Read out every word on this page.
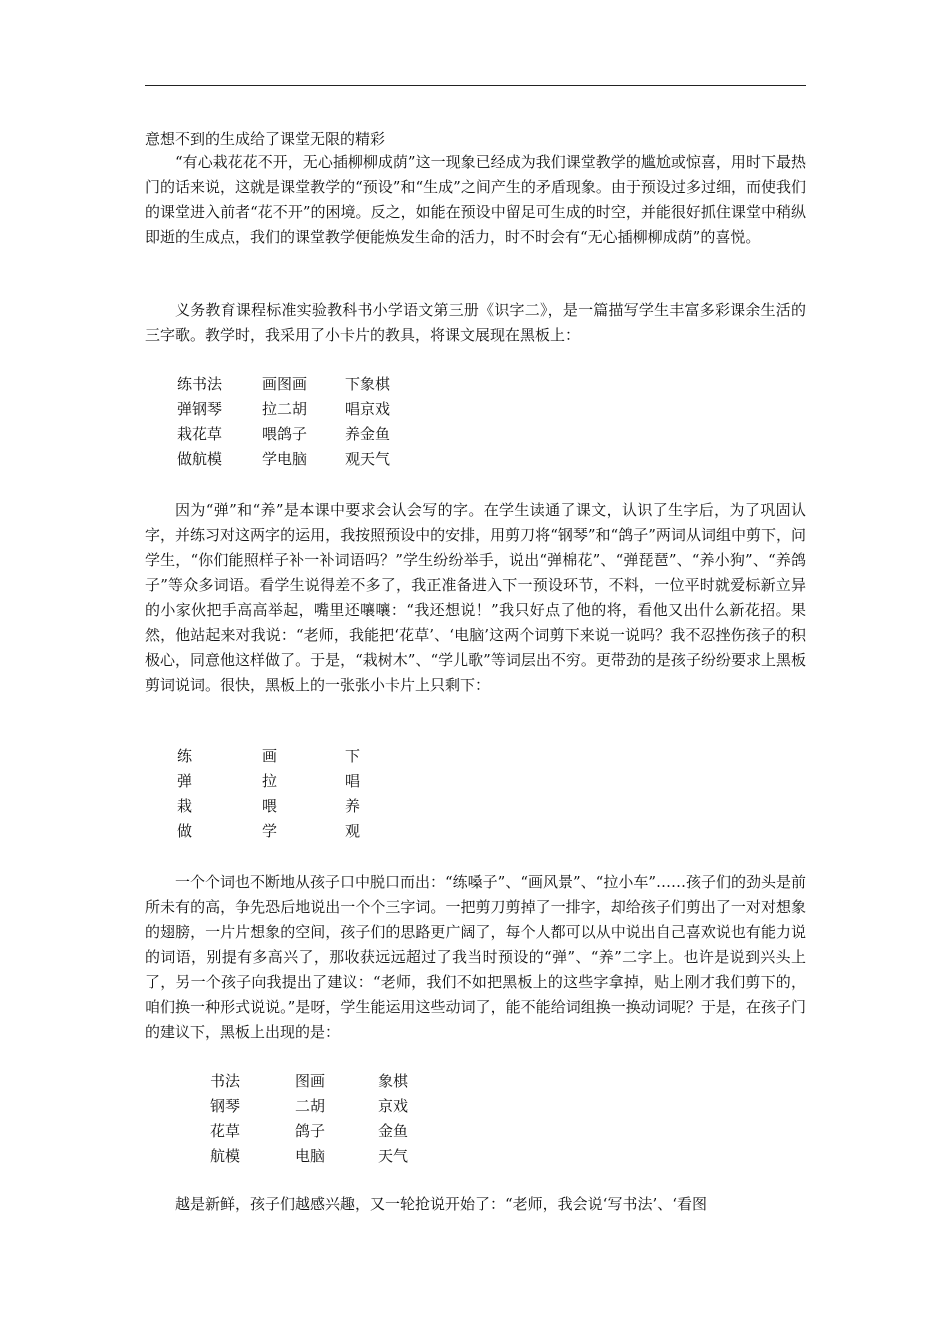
意想不到的生成给了课堂无限的精彩
“有心栽花花不开，无心插柳柳成荫”这一现象已经成为我们课堂教学的尴尬或惊喜，用时下最热门的话来说，这就是课堂教学的“预设”和“生成”之间产生的矛盾现象。由于预设过多过细，而使我们的课堂进入前者“花不开”的困境。反之，如能在预设中留足可生成的时空，并能很好抓住课堂中稍纵即逝的生成点，我们的课堂教学便能焕发生命的活力，时不时会有“无心插柳柳成荫”的喜悦。
义务教育课程标准实验教科书小学语文第三册《识字二》，是一篇描写学生丰富多彩课余生活的三字歌。教学时，我采用了小卡片的教具，将课文展现在黑板上：
练书法	画图画	下象棋
弹钢琴	拉二胡	唱京戏
栽花草	喂鸽子	养金鱼
做航模	学电脑	观天气
因为“弹”和“养”是本课中要求会认会写的字。在学生读通了课文，认识了生字后，为了巩固认字，并练习对这两字的运用，我按照预设中的安排，用剪刀将“钢琴”和“鸽子”两词从词组中剪下，问学生，“你们能照样子补一补词语吗？”学生纷纷举手，说出“弹棉花”、“弹琵琶”、“养小狗”、“养鸽子”等众多词语。看学生说得差不多了，我正准备进入下一预设环节，不料，一位平时就爱标新立异的小家伙把手高高举起，嘴里还嚷嚷：“我还想说！”我只好点了他的将，看他又出什么新花招。果然，他站起来对我说：“老师，我能把‘花草’、‘电脑’这两个词剪下来说一说吗？我不忍挫伤孩子的积极心，同意他这样做了。于是，“栽树木”、“学儿歌”等词层出不穷。更带劲的是孩子纷纷要求上黑板剪词说词。很快，黑板上的一张张小卡片上只剩下：
练	画	下
弹	拉	唱
栽	喂	养
做	学	观
一个个词也不断地从孩子口中脱口而出：“练嗓子”、“画风景”、“拉小车”……孩子们的劲头是前所未有的高，争先恐后地说出一个个三字词。一把剪刀剪掉了一排字，却给孩子们剪出了一对对想象的翅膀，一片片想象的空间，孩子们的思路更广阔了，每个人都可以从中说出自己喜欢说也有能力说的词语，别提有多高兴了，那收获远远超过了我当时预设的“弹”、“养”二字上。也许是说到兴头上了，另一个孩子向我提出了建议：“老师，我们不如把黑板上的这些字拿掉，贴上刚才我们剪下的，咱们换一种形式说说。”是呀，学生能运用这些动词了，能不能给词组换一换动词呢？于是，在孩子门的建议下，黑板上出现的是：
书法	图画	象棋
钢琴	二胡	京戏
花草	鸽子	金鱼
航模	电脑	天气
越是新鲜，孩子们越感兴趣，又一轮抢说开始了：“老师，我会说‘写书法’、‘看图
